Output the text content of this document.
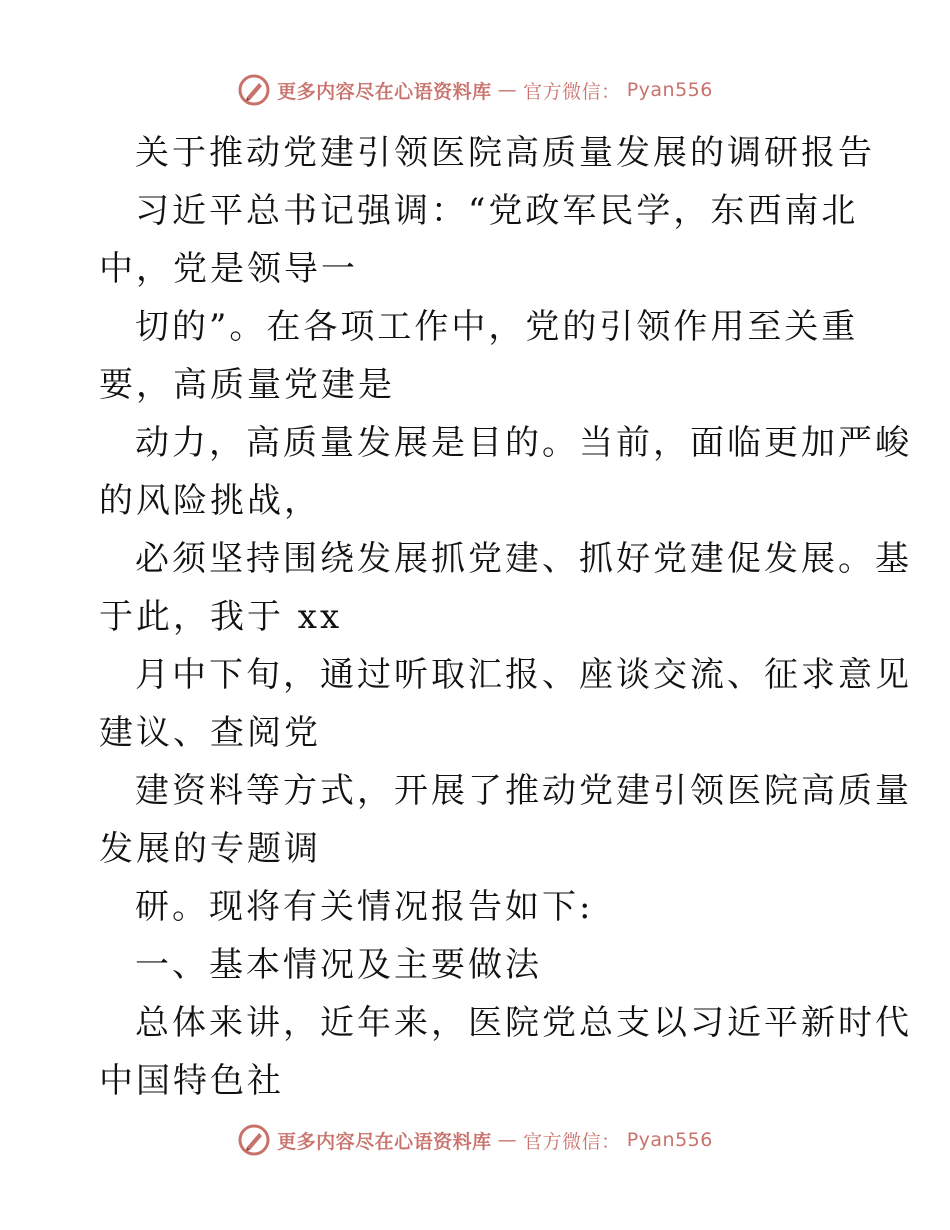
更多内容尽在心语资料库 — 官方微信： Pyan556
关于推动党建引领医院高质量发展的调研报告
习近平总书记强调：“党政军民学，东西南北
中，党是领导一
切的”。在各项工作中，党的引领作用至关重
要，高质量党建是
动力，高质量发展是目的。当前，面临更加严峻
的风险挑战，
必须坚持围绕发展抓党建、抓好党建促发展。基
于此，我于 xx
月中下旬，通过听取汇报、座谈交流、征求意见
建议、查阅党
建资料等方式，开展了推动党建引领医院高质量
发展的专题调
研。现将有关情况报告如下:
一、基本情况及主要做法
总体来讲，近年来，医院党总支以习近平新时代
中国特色社
更多内容尽在心语资料库 — 官方微信： Pyan556
